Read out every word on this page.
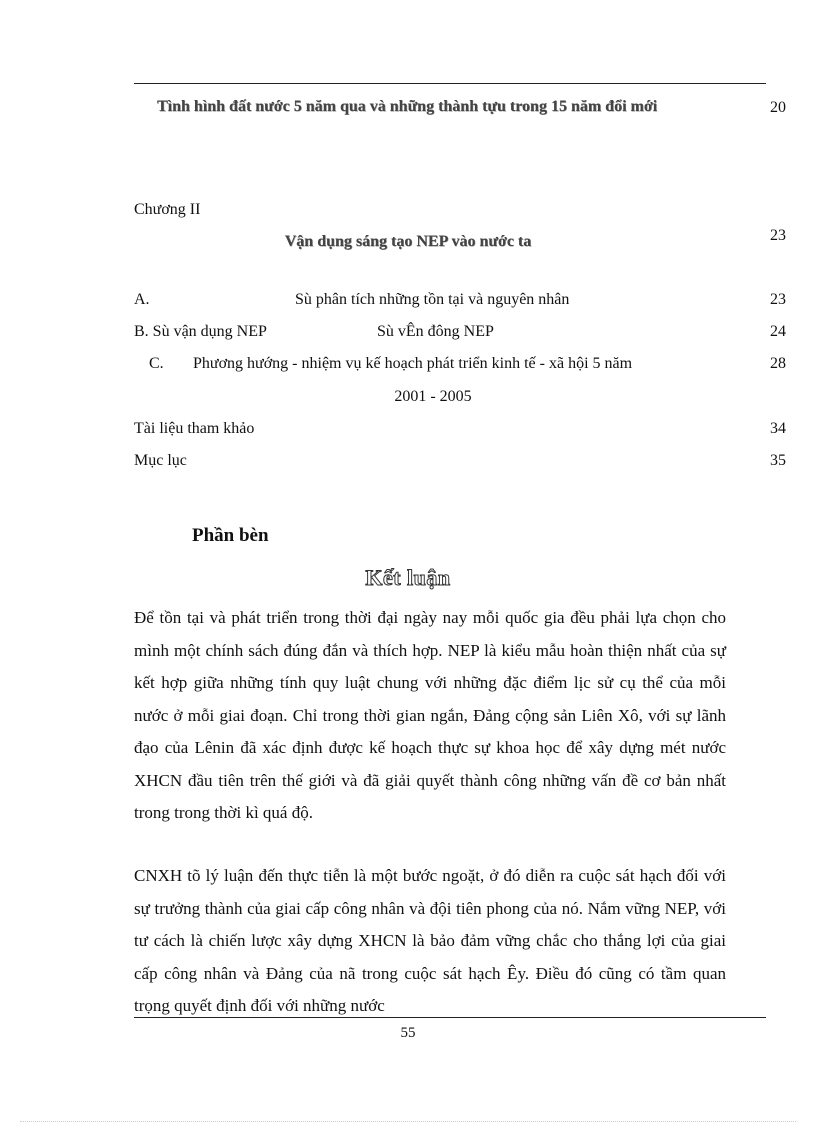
Tình hình đất nước 5 năm qua và những thành tựu trong 15 năm đổi mới	20
Chương II
Vận dụng sáng tạo NEP vào nước ta	23
A.	Sù phân tích những tồn tại và nguyên nhân	23
B. Sù vận dụng NEP	Sù vÊn đông NEP	24
C. Phương hướng - nhiệm vụ kế hoạch phát triển kinh tế - xã hội 5 năm	28
2001 - 2005
Tài liệu tham khảo	34
Mục lục	35
Phần bèn
Kết luận

Để tồn tại và phát triển trong thời đại ngày nay mỗi quốc gia đều phải lựa chọn cho mình một chính sách đúng đắn và thích hợp. NEP là kiểu mẫu hoàn thiện nhất của sự kết hợp giữa những tính quy luật chung với những đặc điểm lịc sử cụ thể của mỗi nước ở mỗi giai đoạn. Chỉ trong thời gian ngắn, Đảng cộng sản Liên Xô, với sự lãnh đạo của Lênin đã xác định được kế hoạch thực sự khoa học để xây dựng mét nước XHCN đầu tiên trên thế giới và đã giải quyết thành công những vấn đề cơ bản nhất trong trong thời kì quá độ.

CNXH tõ lý luận đến thực tiễn là một bước ngoặt, ở đó diễn ra cuộc sát hạch đối với sự trưởng thành của giai cấp công nhân và đội tiên phong của nó. Nắm vững NEP, với tư cách là chiến lược xây dựng XHCN là bảo đảm vững chắc cho thắng lợi của giai cấp công nhân và Đảng của nã trong cuộc sát hạch Êy. Điều đó cũng có tầm quan trọng quyết định đối với những nước

55
